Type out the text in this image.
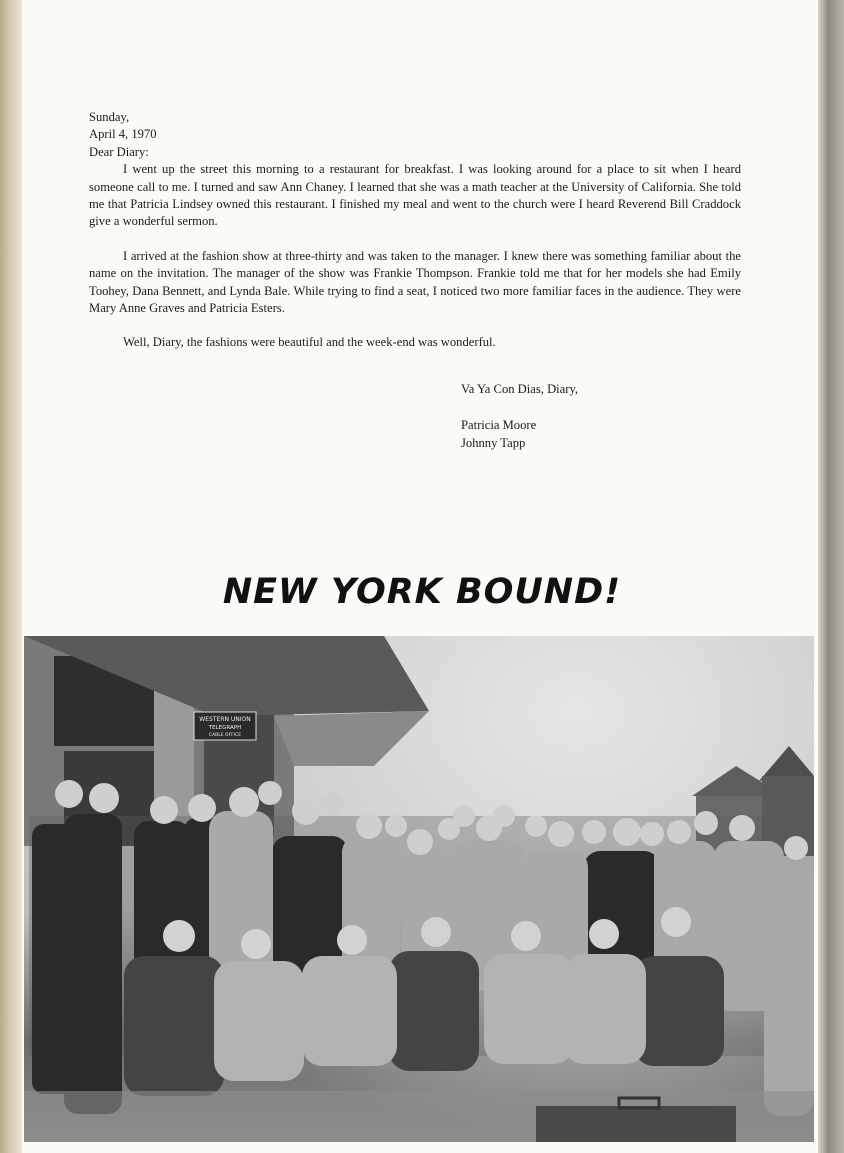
Sunday,
April 4, 1970
Dear Diary:

I went up the street this morning to a restaurant for breakfast. I was looking around for a place to sit when I heard someone call to me. I turned and saw Ann Chaney. I learned that she was a math teacher at the University of California. She told me that Patricia Lindsey owned this restaurant. I finished my meal and went to the church were I heard Reverend Bill Craddock give a wonderful sermon.

I arrived at the fashion show at three-thirty and was taken to the manager. I knew there was something familiar about the name on the invitation. The manager of the show was Frankie Thompson. Frankie told me that for her models she had Emily Toohey, Dana Bennett, and Lynda Bale. While trying to find a seat, I noticed two more familiar faces in the audience. They were Mary Anne Graves and Patricia Esters.

Well, Diary, the fashions were beautiful and the week-end was wonderful.

Va Ya Con Dias, Diary,
Patricia Moore
Johnny Tapp
NEW YORK BOUND!
WESTERN UNION
TELEGRAPH
CABLE OFFICE
